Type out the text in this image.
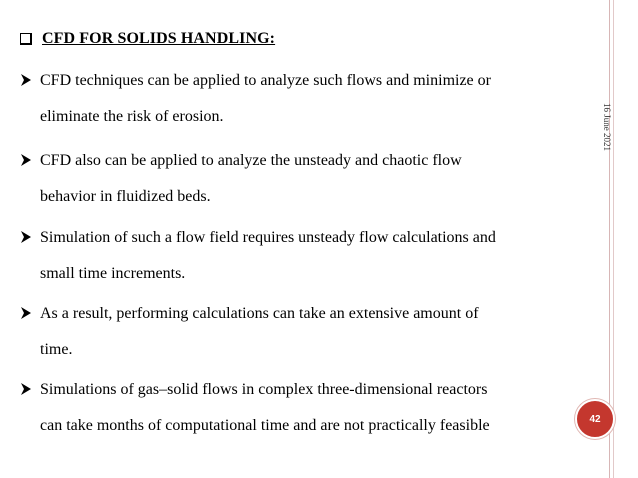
CFD FOR SOLIDS HANDLING:
CFD techniques can be applied to analyze such flows and minimize or
eliminate the risk of erosion.
CFD also can be applied to analyze the unsteady and chaotic flow
behavior in fluidized beds.
Simulation of such a flow field requires unsteady flow calculations and
small time increments.
As a result, performing calculations can take an extensive amount of
time.
Simulations of gas–solid flows in complex three-dimensional reactors
can take months of computational time and are not practically feasible
16 June 2021
42
